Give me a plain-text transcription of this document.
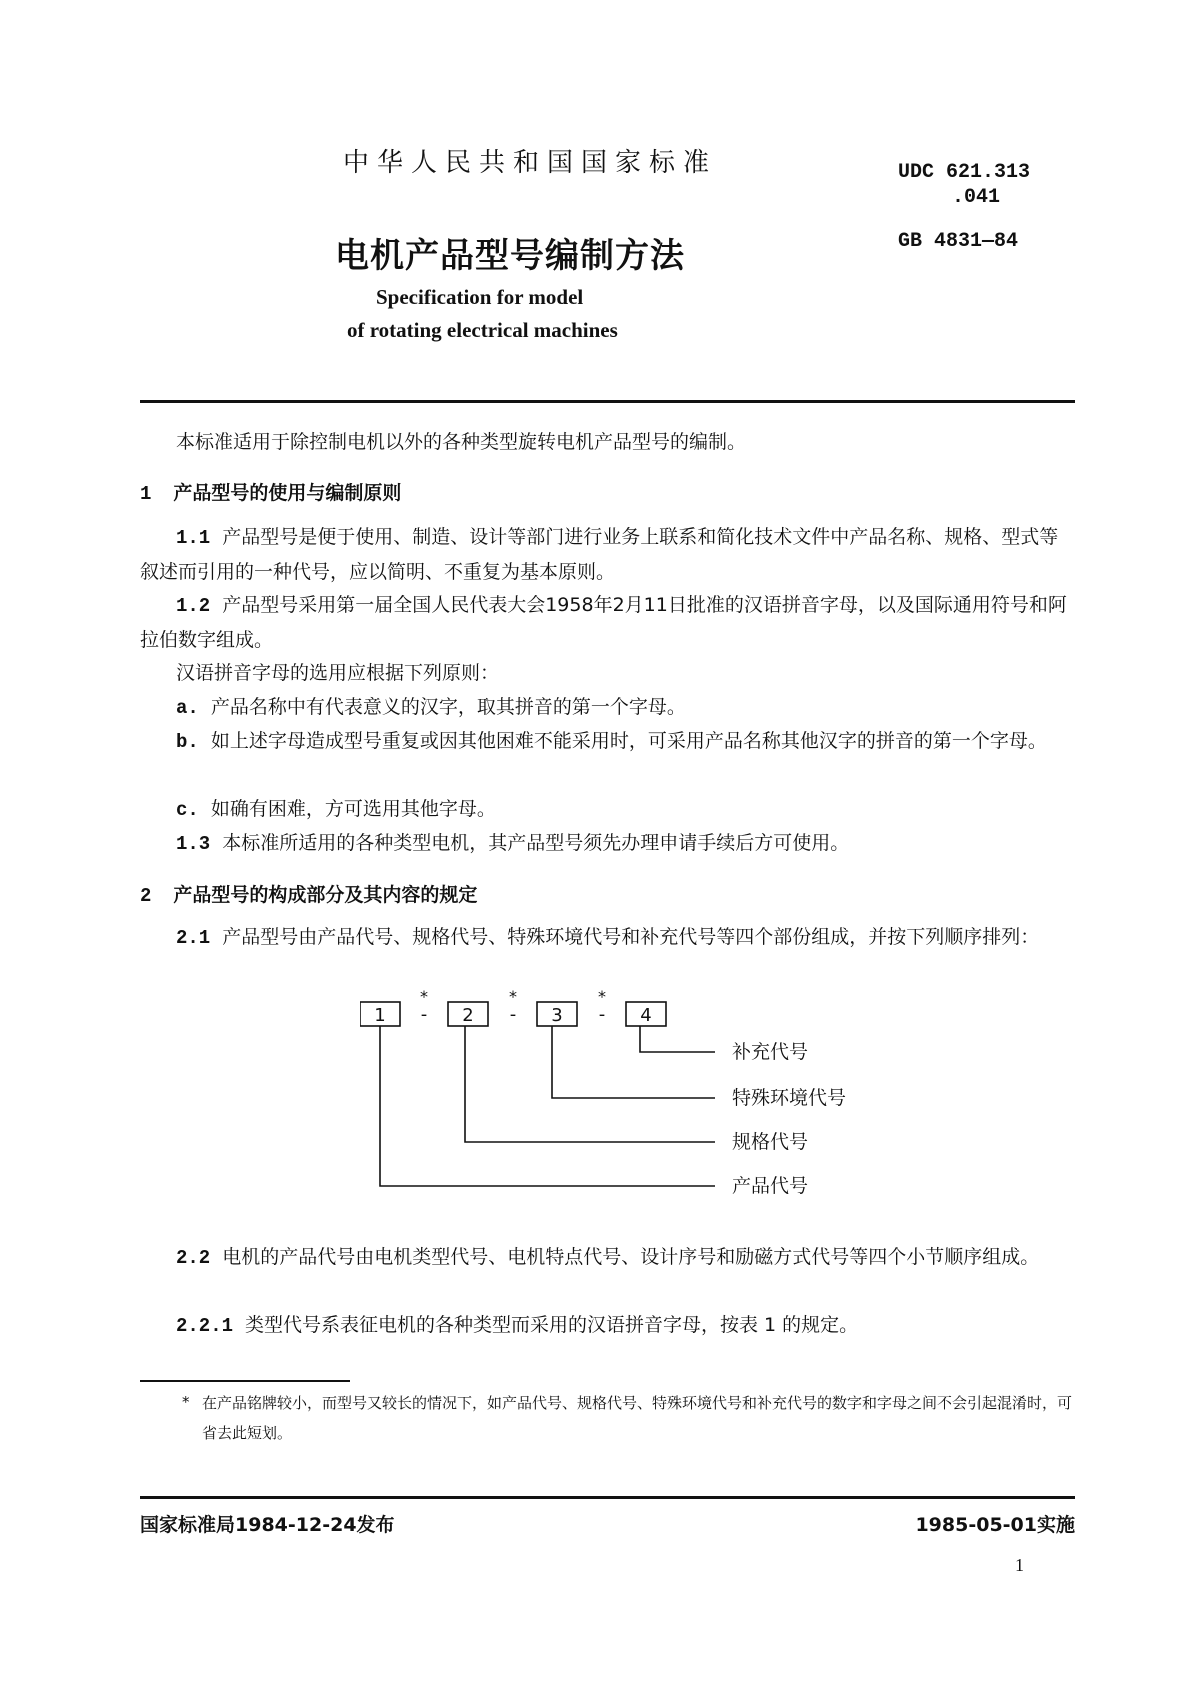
中华人民共和国国家标准	UDC 621.313
.041
GB 4831—84
电机产品型号编制方法
Specification for model
of rotating electrical machines
本标准适用于除控制电机以外的各种类型旋转电机产品型号的编制。
1 产品型号的使用与编制原则
1.1 产品型号是便于使用、制造、设计等部门进行业务上联系和简化技术文件中产品名称、规格、型式等叙述而引用的一种代号，应以简明、不重复为基本原则。
1.2 产品型号采用第一届全国人民代表大会1958年2月11日批准的汉语拼音字母，以及国际通用符号和阿拉伯数字组成。
汉语拼音字母的选用应根据下列原则：
a. 产品名称中有代表意义的汉字，取其拼音的第一个字母。
b. 如上述字母造成型号重复或因其他困难不能采用时，可采用产品名称其他汉字的拼音的第一个字母。
c. 如确有困难，方可选用其他字母。
1.3 本标准所适用的各种类型电机，其产品型号须先办理申请手续后方可使用。
2 产品型号的构成部分及其内容的规定
2.1 产品型号由产品代号、规格代号、特殊环境代号和补充代号等四个部份组成，并按下列顺序排列：
1	2	3	4
-	-	-
*	*	*
补充代号
特殊环境代号
规格代号
产品代号
2.2 电机的产品代号由电机类型代号、电机特点代号、设计序号和励磁方式代号等四个小节顺序组成。
2.2.1 类型代号系表征电机的各种类型而采用的汉语拼音字母，按表 1 的规定。
* 在产品铭牌较小，而型号又较长的情况下，如产品代号、规格代号、特殊环境代号和补充代号的数字和字母之间不会引起混淆时，可省去此短划。
国家标准局1984-12-24发布	1985-05-01实施
1
